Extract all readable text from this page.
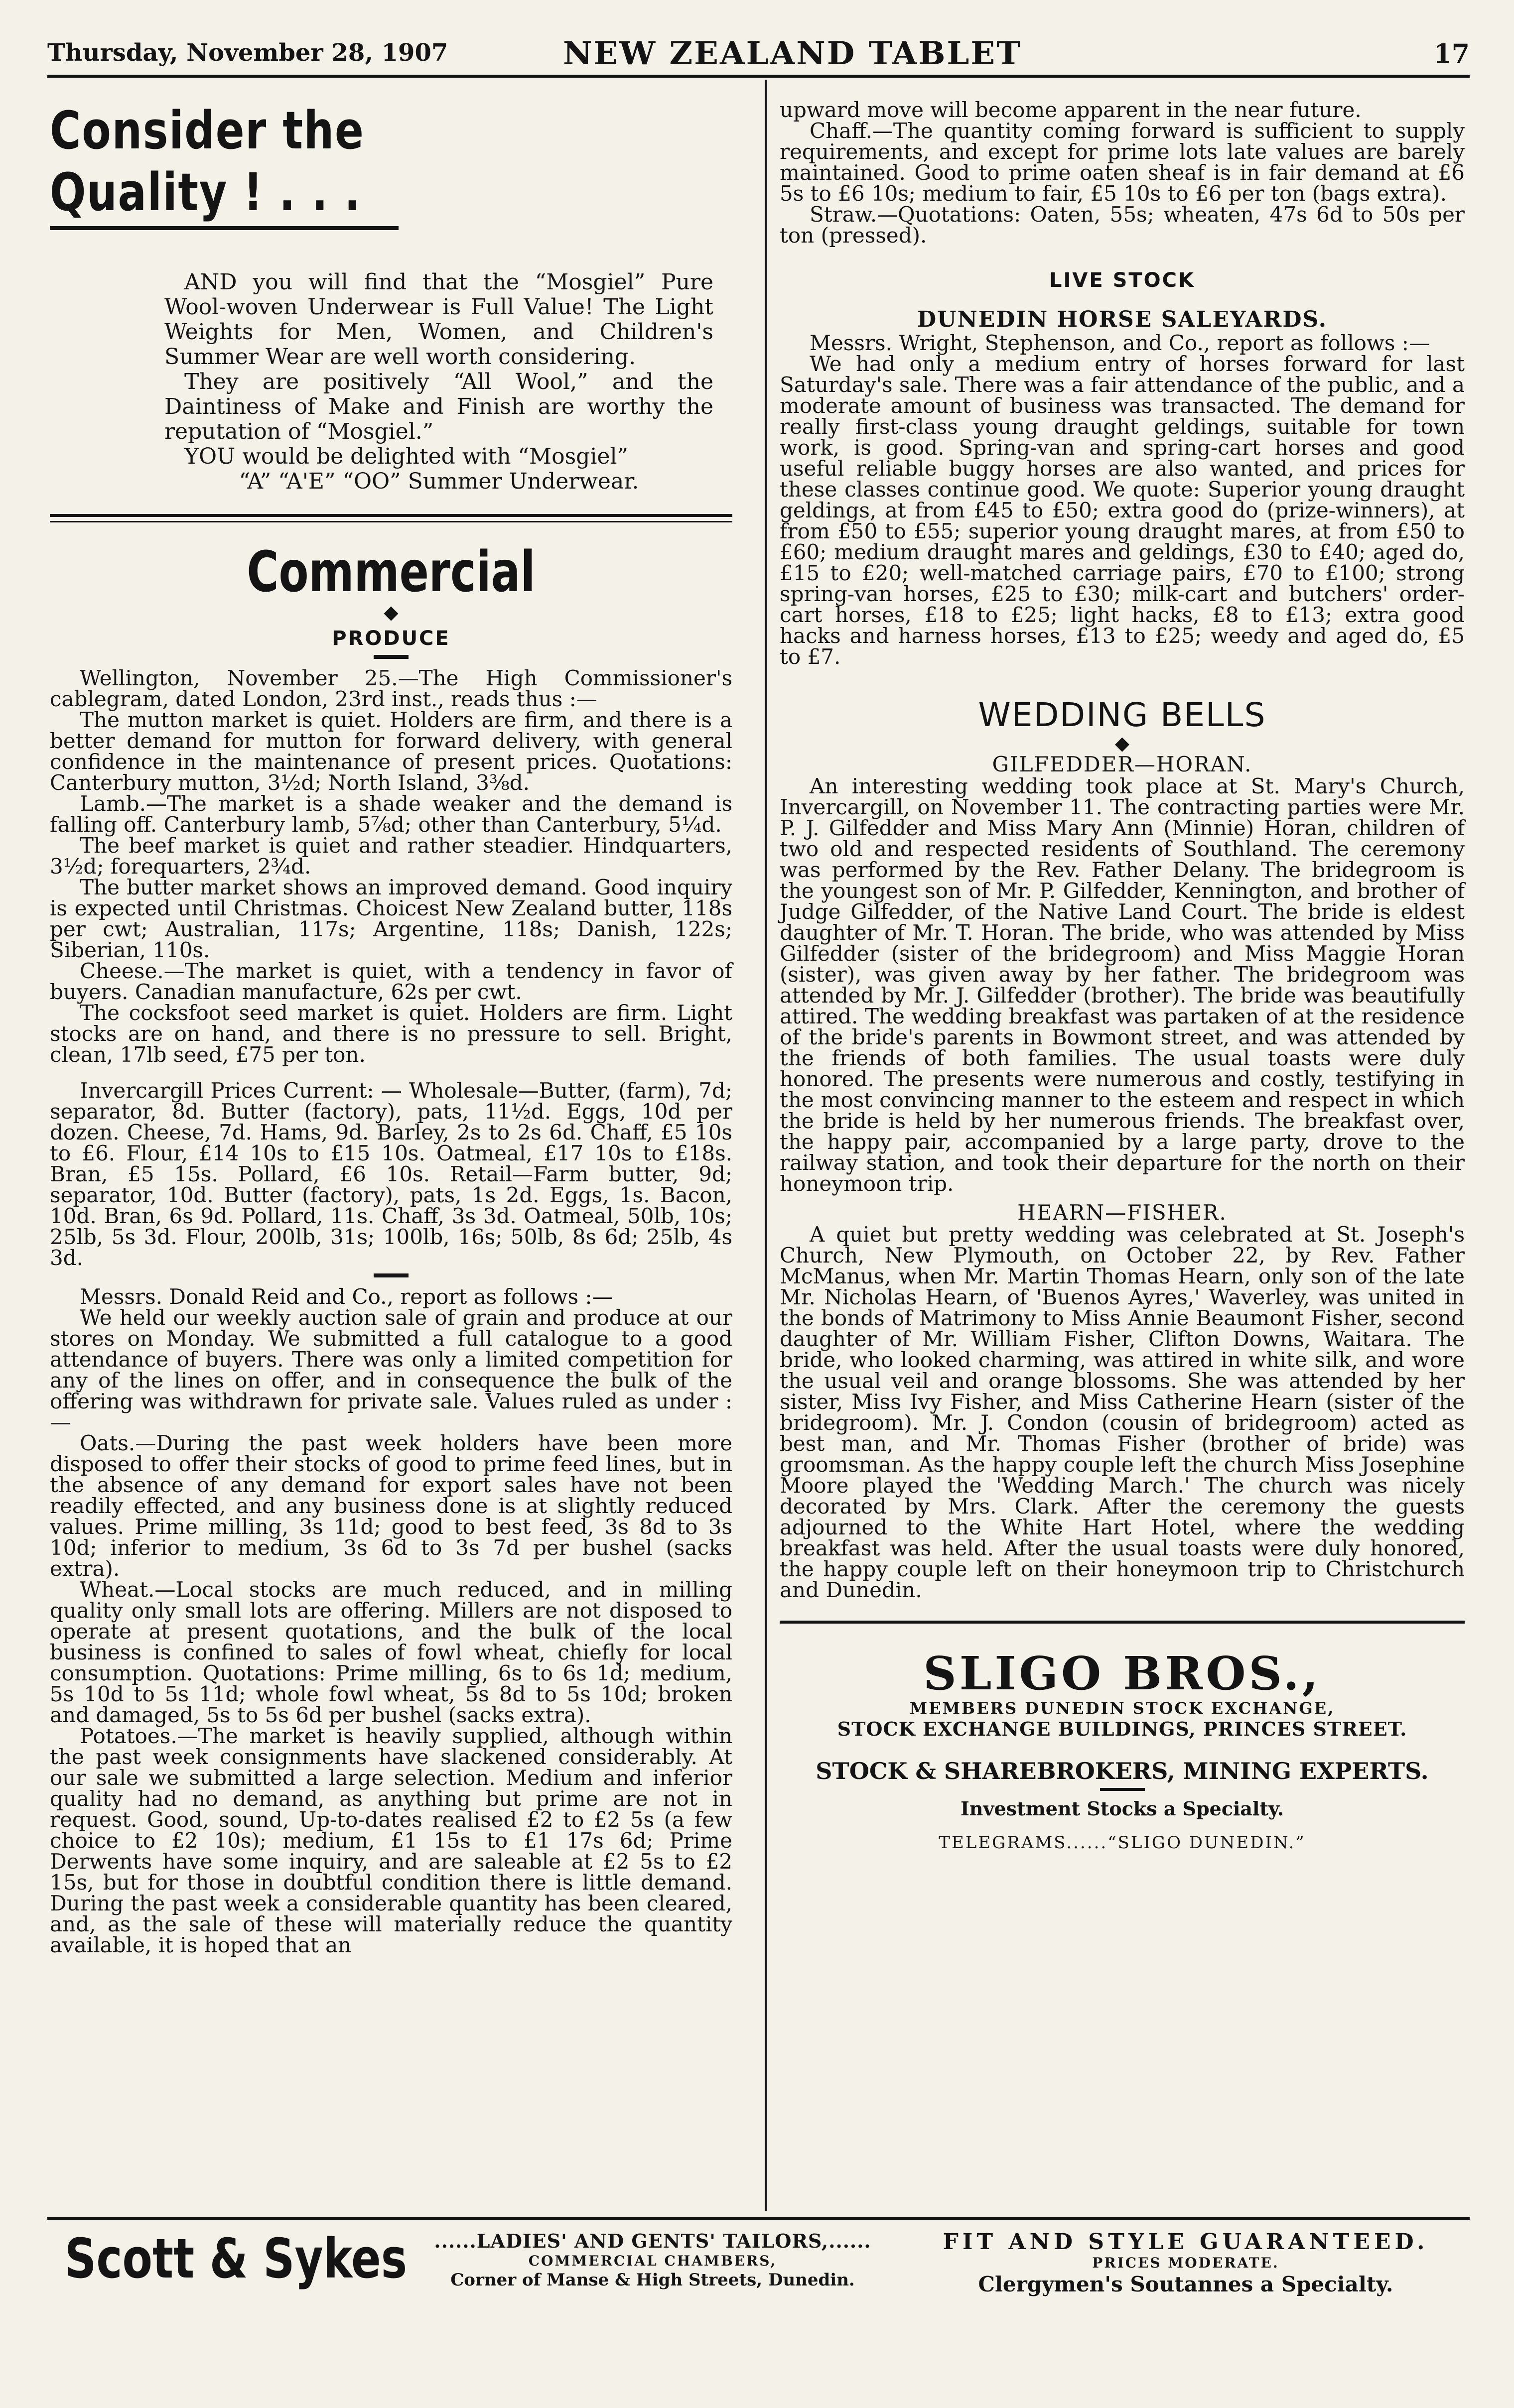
Thursday, November 28, 1907	NEW ZEALAND TABLET	17
Consider the
Quality ! . . .

AND you will find that the “Mosgiel” Pure Wool-woven Underwear is Full Value! The Light Weights for Men, Women, and Children's Summer Wear are well worth considering.

They are positively “All Wool,” and the Daintiness of Make and Finish are worthy the reputation of “Mosgiel.”

YOU would be delighted with “Mosgiel”

“A” “A'E” “OO” Summer Underwear.

Commercial
◆
PRODUCE

Wellington, November 25.—The High Commissioner's cablegram, dated London, 23rd inst., reads thus :—

The mutton market is quiet. Holders are firm, and there is a better demand for mutton for forward delivery, with general confidence in the maintenance of present prices. Quotations: Canterbury mutton, 3½d; North Island, 3⅜d.

Lamb.—The market is a shade weaker and the demand is falling off. Canterbury lamb, 5⅞d; other than Canterbury, 5¼d.

The beef market is quiet and rather steadier. Hindquarters, 3½d; forequarters, 2¾d.

The butter market shows an improved demand. Good inquiry is expected until Christmas. Choicest New Zealand butter, 118s per cwt; Australian, 117s; Argentine, 118s; Danish, 122s; Siberian, 110s.

Cheese.—The market is quiet, with a tendency in favor of buyers. Canadian manufacture, 62s per cwt.

The cocksfoot seed market is quiet. Holders are firm. Light stocks are on hand, and there is no pressure to sell. Bright, clean, 17lb seed, £75 per ton.

Invercargill Prices Current: — Wholesale—Butter, (farm), 7d; separator, 8d. Butter (factory), pats, 11½d. Eggs, 10d per dozen. Cheese, 7d. Hams, 9d. Barley, 2s to 2s 6d. Chaff, £5 10s to £6. Flour, £14 10s to £15 10s. Oatmeal, £17 10s to £18s. Bran, £5 15s. Pollard, £6 10s. Retail—Farm butter, 9d; separator, 10d. Butter (factory), pats, 1s 2d. Eggs, 1s. Bacon, 10d. Bran, 6s 9d. Pollard, 11s. Chaff, 3s 3d. Oatmeal, 50lb, 10s; 25lb, 5s 3d. Flour, 200lb, 31s; 100lb, 16s; 50lb, 8s 6d; 25lb, 4s 3d.

Messrs. Donald Reid and Co., report as follows :—

We held our weekly auction sale of grain and produce at our stores on Monday. We submitted a full catalogue to a good attendance of buyers. There was only a limited competition for any of the lines on offer, and in consequence the bulk of the offering was withdrawn for private sale. Values ruled as under :—

Oats.—During the past week holders have been more disposed to offer their stocks of good to prime feed lines, but in the absence of any demand for export sales have not been readily effected, and any business done is at slightly reduced values. Prime milling, 3s 11d; good to best feed, 3s 8d to 3s 10d; inferior to medium, 3s 6d to 3s 7d per bushel (sacks extra).

Wheat.—Local stocks are much reduced, and in milling quality only small lots are offering. Millers are not disposed to operate at present quotations, and the bulk of the local business is confined to sales of fowl wheat, chiefly for local consumption. Quotations: Prime milling, 6s to 6s 1d; medium, 5s 10d to 5s 11d; whole fowl wheat, 5s 8d to 5s 10d; broken and damaged, 5s to 5s 6d per bushel (sacks extra).

Potatoes.—The market is heavily supplied, although within the past week consignments have slackened considerably. At our sale we submitted a large selection. Medium and inferior quality had no demand, as anything but prime are not in request. Good, sound, Up-to-dates realised £2 to £2 5s (a few choice to £2 10s); medium, £1 15s to £1 17s 6d; Prime Derwents have some inquiry, and are saleable at £2 5s to £2 15s, but for those in doubtful condition there is little demand. During the past week a considerable quantity has been cleared, and, as the sale of these will materially reduce the quantity available, it is hoped that an

upward move will become apparent in the near future.

Chaff.—The quantity coming forward is sufficient to supply requirements, and except for prime lots late values are barely maintained. Good to prime oaten sheaf is in fair demand at £6 5s to £6 10s; medium to fair, £5 10s to £6 per ton (bags extra).

Straw.—Quotations: Oaten, 55s; wheaten, 47s 6d to 50s per ton (pressed).

LIVE STOCK
DUNEDIN HORSE SALEYARDS.

Messrs. Wright, Stephenson, and Co., report as follows :—

We had only a medium entry of horses forward for last Saturday's sale. There was a fair attendance of the public, and a moderate amount of business was transacted. The demand for really first-class young draught geldings, suitable for town work, is good. Spring-van and spring-cart horses and good useful reliable buggy horses are also wanted, and prices for these classes continue good. We quote: Superior young draught geldings, at from £45 to £50; extra good do (prize-winners), at from £50 to £55; superior young draught mares, at from £50 to £60; medium draught mares and geldings, £30 to £40; aged do, £15 to £20; well-matched carriage pairs, £70 to £100; strong spring-van horses, £25 to £30; milk-cart and butchers' order-cart horses, £18 to £25; light hacks, £8 to £13; extra good hacks and harness horses, £13 to £25; weedy and aged do, £5 to £7.

WEDDING BELLS
◆
GILFEDDER—HORAN.

An interesting wedding took place at St. Mary's Church, Invercargill, on November 11. The contracting parties were Mr. P. J. Gilfedder and Miss Mary Ann (Minnie) Horan, children of two old and respected residents of Southland. The ceremony was performed by the Rev. Father Delany. The bridegroom is the youngest son of Mr. P. Gilfedder, Kennington, and brother of Judge Gilfedder, of the Native Land Court. The bride is eldest daughter of Mr. T. Horan. The bride, who was attended by Miss Gilfedder (sister of the bridegroom) and Miss Maggie Horan (sister), was given away by her father. The bridegroom was attended by Mr. J. Gilfedder (brother). The bride was beautifully attired. The wedding breakfast was partaken of at the residence of the bride's parents in Bowmont street, and was attended by the friends of both families. The usual toasts were duly honored. The presents were numerous and costly, testifying in the most convincing manner to the esteem and respect in which the bride is held by her numerous friends. The breakfast over, the happy pair, accompanied by a large party, drove to the railway station, and took their departure for the north on their honeymoon trip.

HEARN—FISHER.

A quiet but pretty wedding was celebrated at St. Joseph's Church, New Plymouth, on October 22, by Rev. Father McManus, when Mr. Martin Thomas Hearn, only son of the late Mr. Nicholas Hearn, of 'Buenos Ayres,' Waverley, was united in the bonds of Matrimony to Miss Annie Beaumont Fisher, second daughter of Mr. William Fisher, Clifton Downs, Waitara. The bride, who looked charming, was attired in white silk, and wore the usual veil and orange blossoms. She was attended by her sister, Miss Ivy Fisher, and Miss Catherine Hearn (sister of the bridegroom). Mr. J. Condon (cousin of bridegroom) acted as best man, and Mr. Thomas Fisher (brother of bride) was groomsman. As the happy couple left the church Miss Josephine Moore played the 'Wedding March.' The church was nicely decorated by Mrs. Clark. After the ceremony the guests adjourned to the White Hart Hotel, where the wedding breakfast was held. After the usual toasts were duly honored, the happy couple left on their honeymoon trip to Christchurch and Dunedin.

SLIGO BROS.,
MEMBERS DUNEDIN STOCK EXCHANGE,
STOCK EXCHANGE BUILDINGS, PRINCES STREET.
STOCK & SHAREBROKERS, MINING EXPERTS.
Investment Stocks a Specialty.
TELEGRAMS......“SLIGO DUNEDIN.”
Scott & Sykes	......LADIES' AND GENTS' TAILORS,......
COMMERCIAL CHAMBERS,
Corner of Manse & High Streets, Dunedin.
FIT AND STYLE GUARANTEED.
PRICES MODERATE.
Clergymen's Soutannes a Specialty.
